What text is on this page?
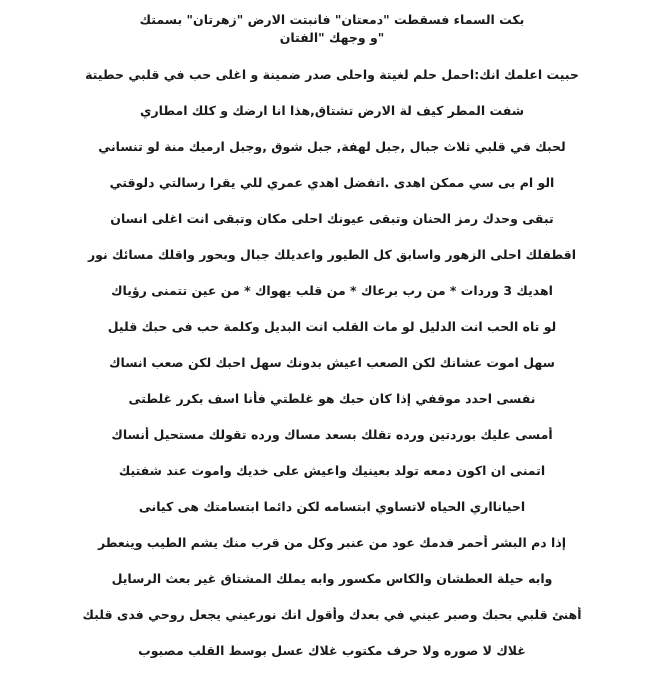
بكت السماء فسقطت "دمعتان" فانبتت الارض "زهرتان" بسمتك
"و وجهك "الفتان
حبيت اعلمك انك:احمل حلم لغيتة واحلى صدر ضمينة و اغلى حب في قلبي حطيتة
شفت المطر كيف لة الارض تشتاق,هذا انا ارضك و كلك امطاري
لحبك في قلبي ثلاث جبال ,جبل لهفة, جبل شوق ,وجبل ارميك منة لو تنساني
الو ام بى سي ممكن اهدى .اتفضل اهدي عمري للي يقرا رسالتي دلوقتي
تبقى وحدك رمز الحنان وتبقى عيونك احلى مكان وتبقى انت اغلى انسان
اقطفلك احلى الزهور واسابق كل الطيور واعديلك جبال وبحور واقلك مسائك نور
اهديك 3 وردات * من رب برعاك * من قلب يهواك * من عين تتمنى رؤياك
لو تاه الحب انت الدليل لو مات القلب انت البديل وكلمة حب فى حبك قليل
سهل اموت عشانك لكن الصعب اعيش بدونك سهل احبك لكن صعب انساك
نفسى احدد موقفي إذا كان حبك هو غلطتي فأنا اسف بكرر غلطتى
أمسى عليك بوردتين ورده تقلك بسعد مساك ورده تقولك مستحيل أنساك
اتمنى ان اكون دمعه تولد بعينيك واعيش على خديك واموت عند شفتيك
احيانااري الحياه لاتساوي ابتسامه لكن دائما ابتسامتك هى كيانى
إذا دم البشر أحمر فدمك عود من عنبر وكل من قرب منك يشم الطيب وينعطر
وابه حيلة العطشان والكاس مكسور وابه يملك المشتاق غير بعث الرسايل
أهنئ قلبي بحبك وصبر عيني في بعدك وأقول انك نورعيني يجعل روحي فدى قلبك
غلاك لا صوره ولا حرف مكتوب غلاك عسل بوسط القلب مصبوب
